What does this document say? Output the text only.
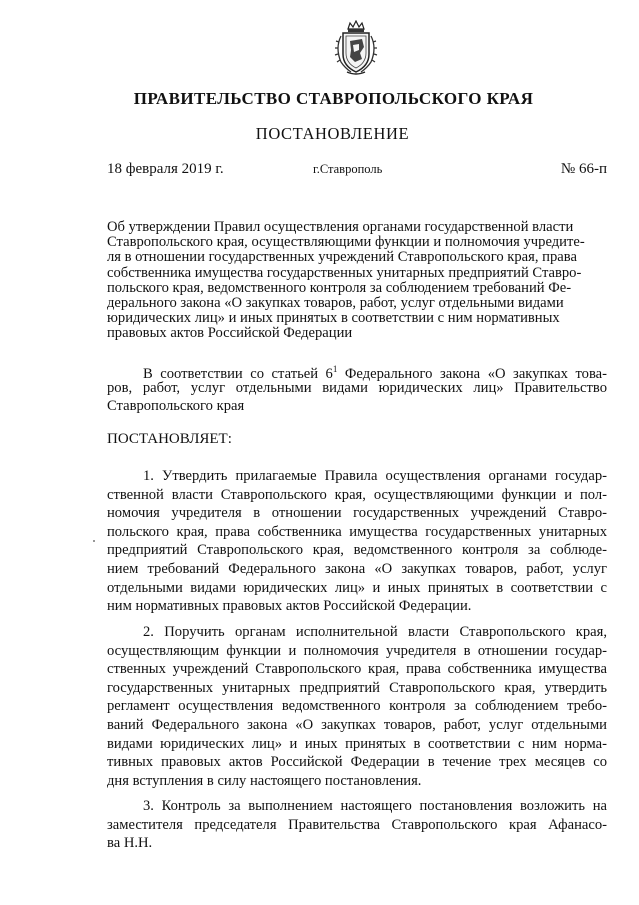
ПРАВИТЕЛЬСТВО СТАВРОПОЛЬСКОГО КРАЯ
ПОСТАНОВЛЕНИЕ
18 февраля 2019 г.	г.Ставрополь	№ 66-п
Об утверждении Правил осуществления органами государственной власти
Ставропольского края, осуществляющими функции и полномочия учредите-
ля в отношении государственных учреждений Ставропольского края, права
собственника имущества государственных унитарных предприятий Ставро-
польского края, ведомственного контроля за соблюдением требований Фе-
дерального закона «О закупках товаров, работ, услуг отдельными видами
юридических лиц» и иных принятых в соответствии с ним нормативных
правовых актов Российской Федерации
В соответствии со статьей $6^1$ Федерального закона «О закупках това-
ров, работ, услуг отдельными видами юридических лиц» Правительство
Ставропольского края
ПОСТАНОВЛЯЕТ:
1. Утвердить прилагаемые Правила осуществления органами государ-
ственной власти Ставропольского края, осуществляющими функции и пол-
номочия учредителя в отношении государственных учреждений Ставро-
польского края, права собственника имущества государственных унитарных
предприятий Ставропольского края, ведомственного контроля за соблюде-
нием требований Федерального закона «О закупках товаров, работ, услуг
отдельными видами юридических лиц» и иных принятых в соответствии с
ним нормативных правовых актов Российской Федерации.
2. Поручить органам исполнительной власти Ставропольского края,
осуществляющим функции и полномочия учредителя в отношении государ-
ственных учреждений Ставропольского края, права собственника имущества
государственных унитарных предприятий Ставропольского края, утвердить
регламент осуществления ведомственного контроля за соблюдением требо-
ваний Федерального закона «О закупках товаров, работ, услуг отдельными
видами юридических лиц» и иных принятых в соответствии с ним норма-
тивных правовых актов Российской Федерации в течение трех месяцев со
дня вступления в силу настоящего постановления.
3. Контроль за выполнением настоящего постановления возложить на
заместителя председателя Правительства Ставропольского края Афанасо-
ва Н.Н.
